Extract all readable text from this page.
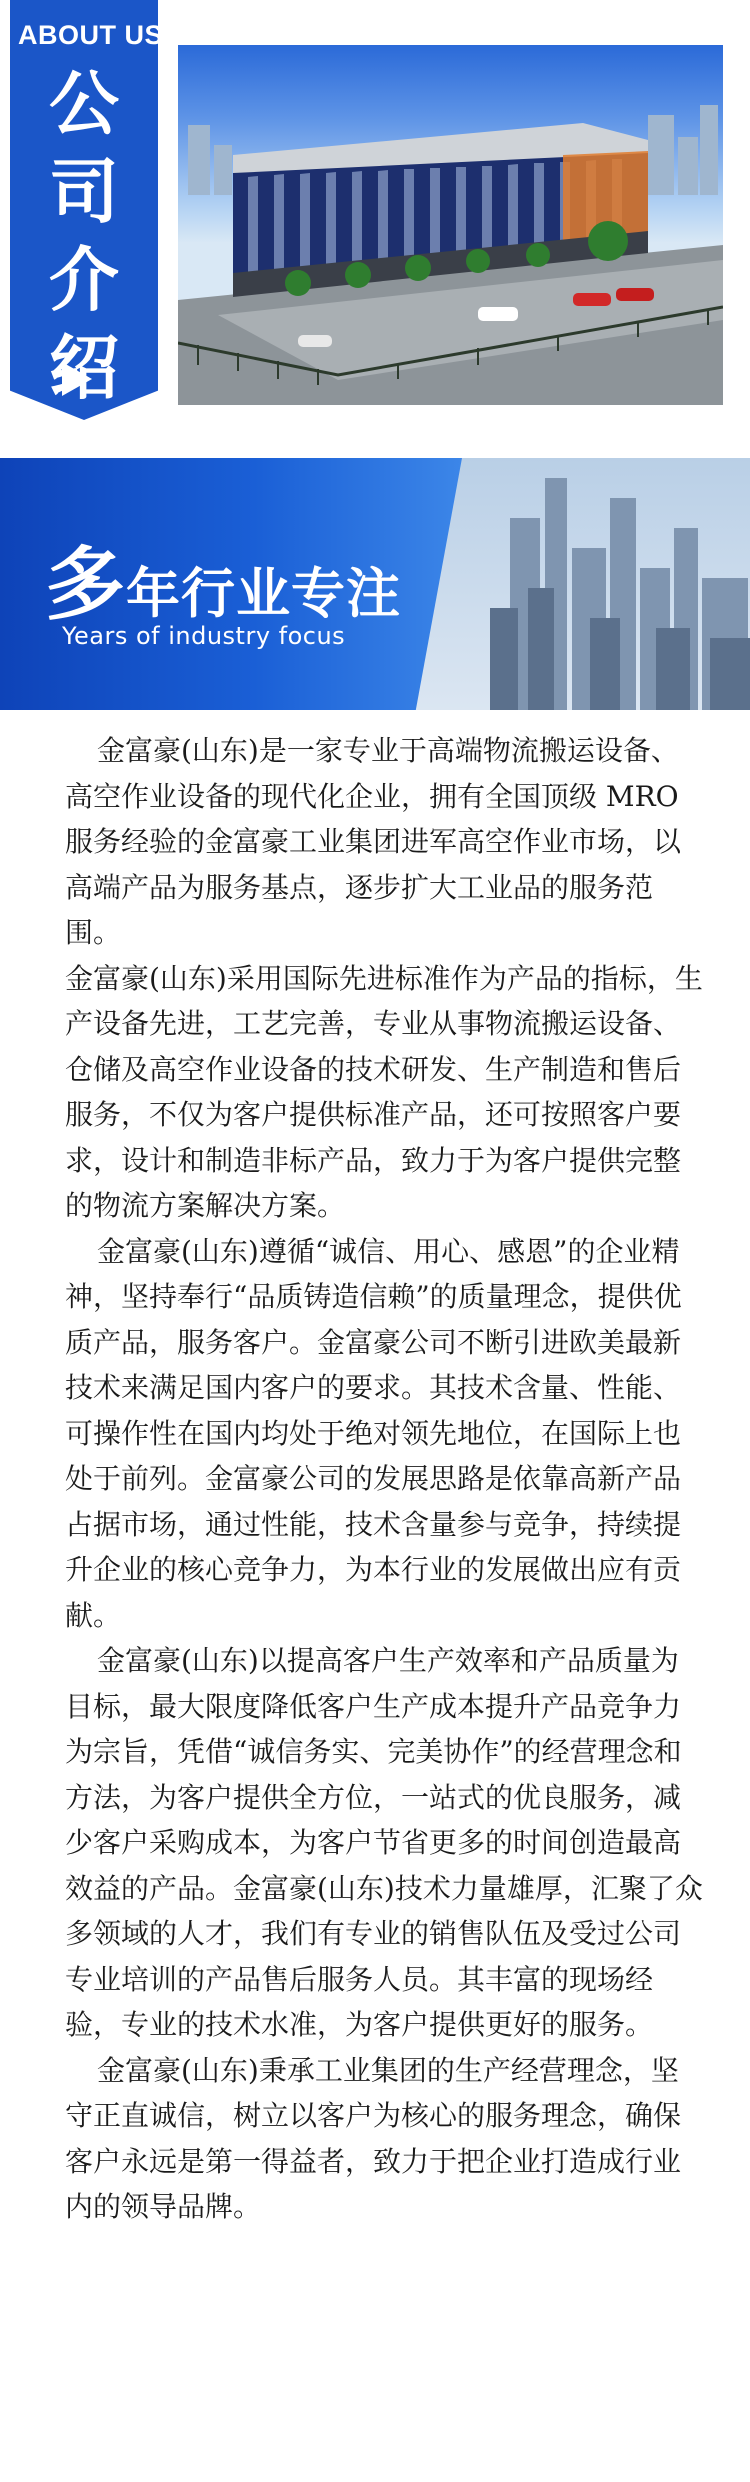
ABOUT US
公
司
介
绍
多年行业专注
Years of industry focus

金富豪(山东)是一家专业于高端物流搬运设备、高空作业设备的现代化企业，拥有全国顶级 MRO 服务经验的金富豪工业集团进军高空作业市场，以高端产品为服务基点，逐步扩大工业品的服务范围。

金富豪(山东)采用国际先进标准作为产品的指标，生产设备先进，工艺完善，专业从事物流搬运设备、仓储及高空作业设备的技术研发、生产制造和售后服务，不仅为客户提供标准产品，还可按照客户要求，设计和制造非标产品，致力于为客户提供完整的物流方案解决方案。

金富豪(山东)遵循“诚信、用心、感恩”的企业精神，坚持奉行“品质铸造信赖”的质量理念，提供优质产品，服务客户。金富豪公司不断引进欧美最新技术来满足国内客户的要求。其技术含量、性能、可操作性在国内均处于绝对领先地位，在国际上也处于前列。金富豪公司的发展思路是依靠高新产品占据市场，通过性能，技术含量参与竞争，持续提升企业的核心竞争力，为本行业的发展做出应有贡献。

金富豪(山东)以提高客户生产效率和产品质量为目标，最大限度降低客户生产成本提升产品竞争力为宗旨，凭借“诚信务实、完美协作”的经营理念和方法，为客户提供全方位，一站式的优良服务，减少客户采购成本，为客户节省更多的时间创造最高效益的产品。金富豪(山东)技术力量雄厚，汇聚了众多领域的人才，我们有专业的销售队伍及受过公司专业培训的产品售后服务人员。其丰富的现场经验，专业的技术水准，为客户提供更好的服务。

金富豪(山东)秉承工业集团的生产经营理念，坚守正直诚信，树立以客户为核心的服务理念，确保客户永远是第一得益者，致力于把企业打造成行业内的领导品牌。
